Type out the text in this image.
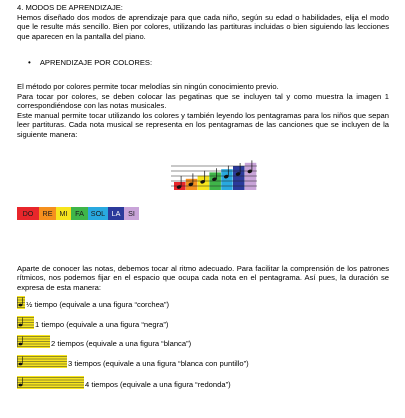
4. MODOS DE APRENDIZAJE:

Hemos diseñado dos modos de aprendizaje para que cada niño, según su edad o habilidades, elija el modo que le resulte más sencillo. Bien por colores, utilizando las partituras incluidas o bien siguiendo las lecciones que aparecen en la pantalla del piano.

• APRENDIZAJE POR COLORES:

El método por colores permite tocar melodías sin ningún conocimiento previo.

Para tocar por colores, se deben colocar las pegatinas que se incluyen tal y como muestra la imagen 1 correspondiéndose con las notas musicales.

Este manual permite tocar utilizando los colores y también leyendo los pentagramas para los niños que sepan leer partituras. Cada nota musical se representa en los pentagramas de las canciones que se incluyen de la siguiente manera:

DO	RE MI	FA SOL LA	SI

Aparte de conocer las notas, debemos tocar al ritmo adecuado. Para facilitar la comprensión de los patrones rítmicos, nos podemos fijar en el espacio que ocupa cada nota en el pentagrama. Así pues, la duración se expresa de esta manera:

½ tiempo (equivale a una figura “corchea”)
1 tiempo (equivale a una figura “negra”)
2 tiempos (equivale a una figura “blanca”)
3 tiempos (equivale a una figura “blanca con puntillo”)
4 tiempos (equivale a una figura “redonda”)
